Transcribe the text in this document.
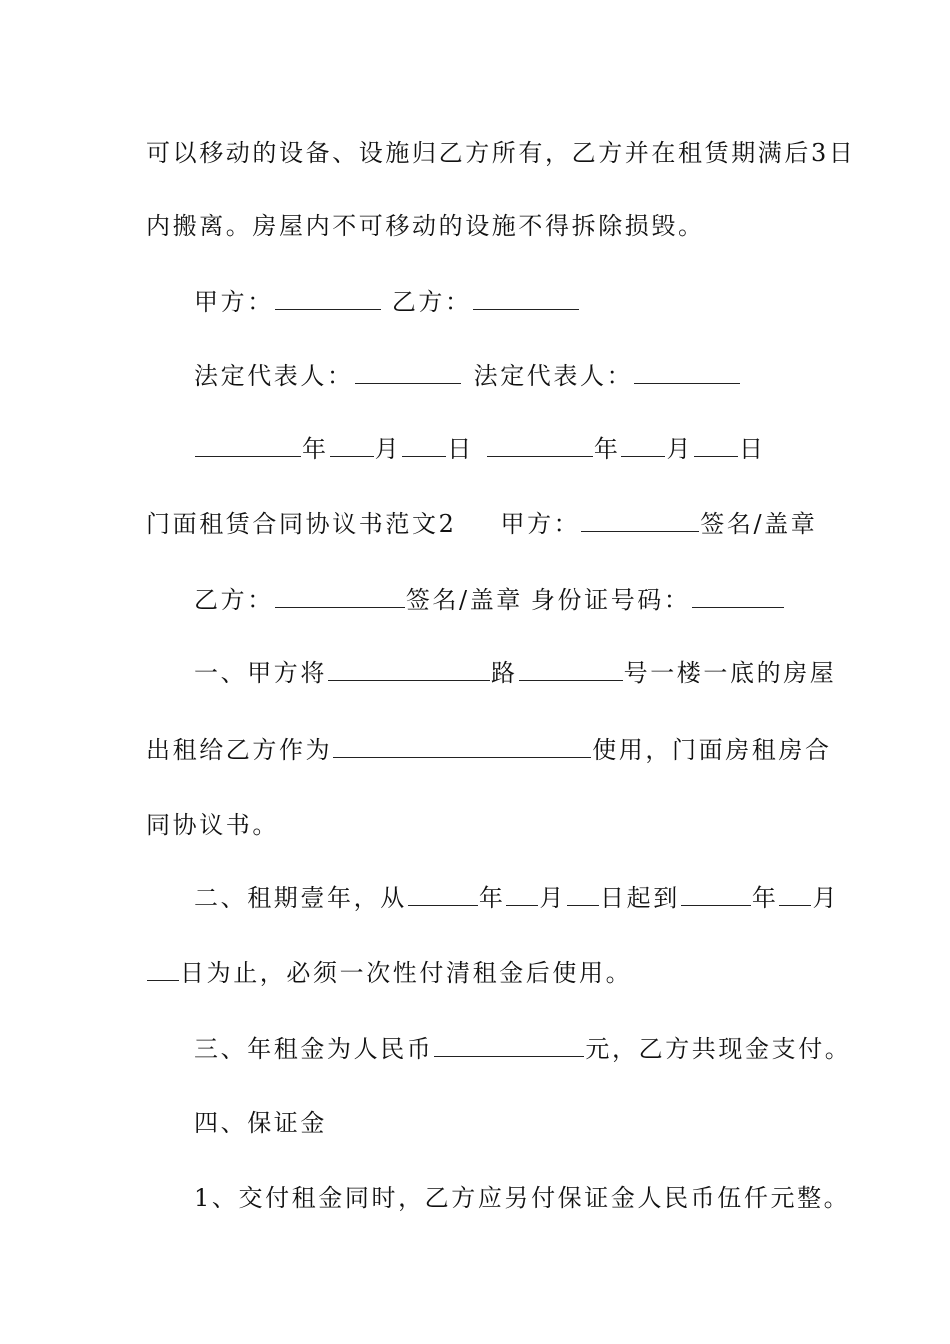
可以移动的设备、设施归乙方所有，乙方并在租赁期满后3日
内搬离。房屋内不可移动的设施不得拆除损毁。
甲方：	乙方：
法定代表人：	法定代表人：
年 月 日	年 月 日
门面租赁合同协议书范文2 甲方：	签名/盖章
乙方：	签名/盖章 身份证号码：
一、甲方将	路	号一楼一底的房屋
出租给乙方作为	使用，门面房租房合
同协议书。
二、租期壹年，从	年 月 日起到	年 月
日为止，必须一次性付清租金后使用。
三、年租金为人民币	元，乙方共现金支付。
四、保证金
1、交付租金同时，乙方应另付保证金人民币伍仟元整。
